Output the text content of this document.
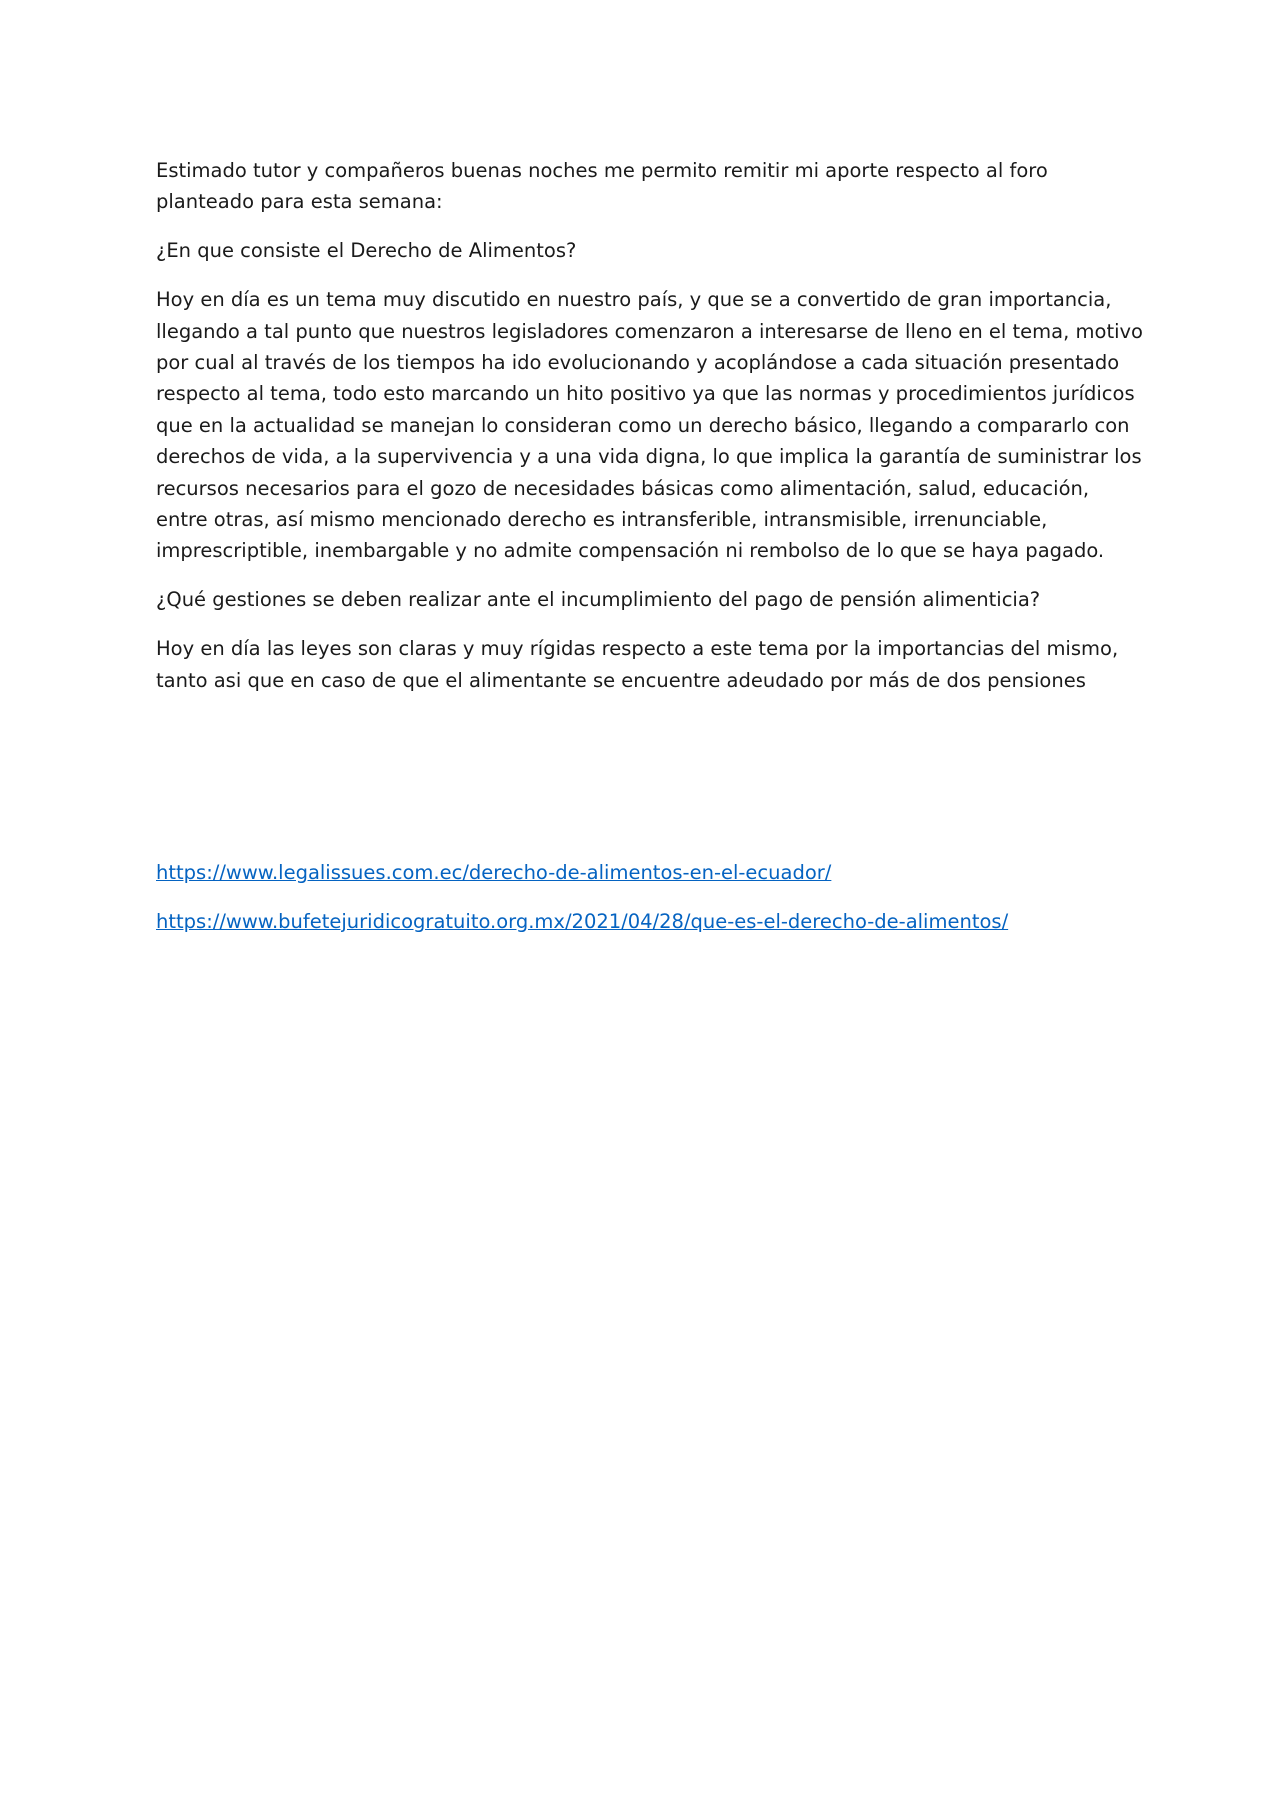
Estimado tutor y compañeros buenas noches me permito remitir mi aporte respecto al foro planteado para esta semana:

¿En que consiste el Derecho de Alimentos?

Hoy en día es un tema muy discutido en nuestro país, y que se a convertido de gran importancia, llegando a tal punto que nuestros legisladores comenzaron a interesarse de lleno en el tema, motivo por cual al través de los tiempos ha ido evolucionando y acoplándose a cada situación presentado respecto al tema, todo esto marcando un hito positivo ya que las normas y procedimientos jurídicos que en la actualidad se manejan lo consideran como un derecho básico, llegando a compararlo con derechos de vida, a la supervivencia y a una vida digna, lo que implica la garantía de suministrar los recursos necesarios para el gozo de necesidades básicas como alimentación, salud, educación, entre otras, así mismo mencionado derecho es intransferible, intransmisible, irrenunciable, imprescriptible, inembargable y no admite compensación ni rembolso de lo que se haya pagado.

¿Qué gestiones se deben realizar ante el incumplimiento del pago de pensión alimenticia?

Hoy en día las leyes son claras y muy rígidas respecto a este tema por la importancias del mismo, tanto asi que en caso de que el alimentante se encuentre adeudado por más de dos pensiones

https://www.legalissues.com.ec/derecho-de-alimentos-en-el-ecuador/

https://www.bufetejuridicogratuito.org.mx/2021/04/28/que-es-el-derecho-de-alimentos/
